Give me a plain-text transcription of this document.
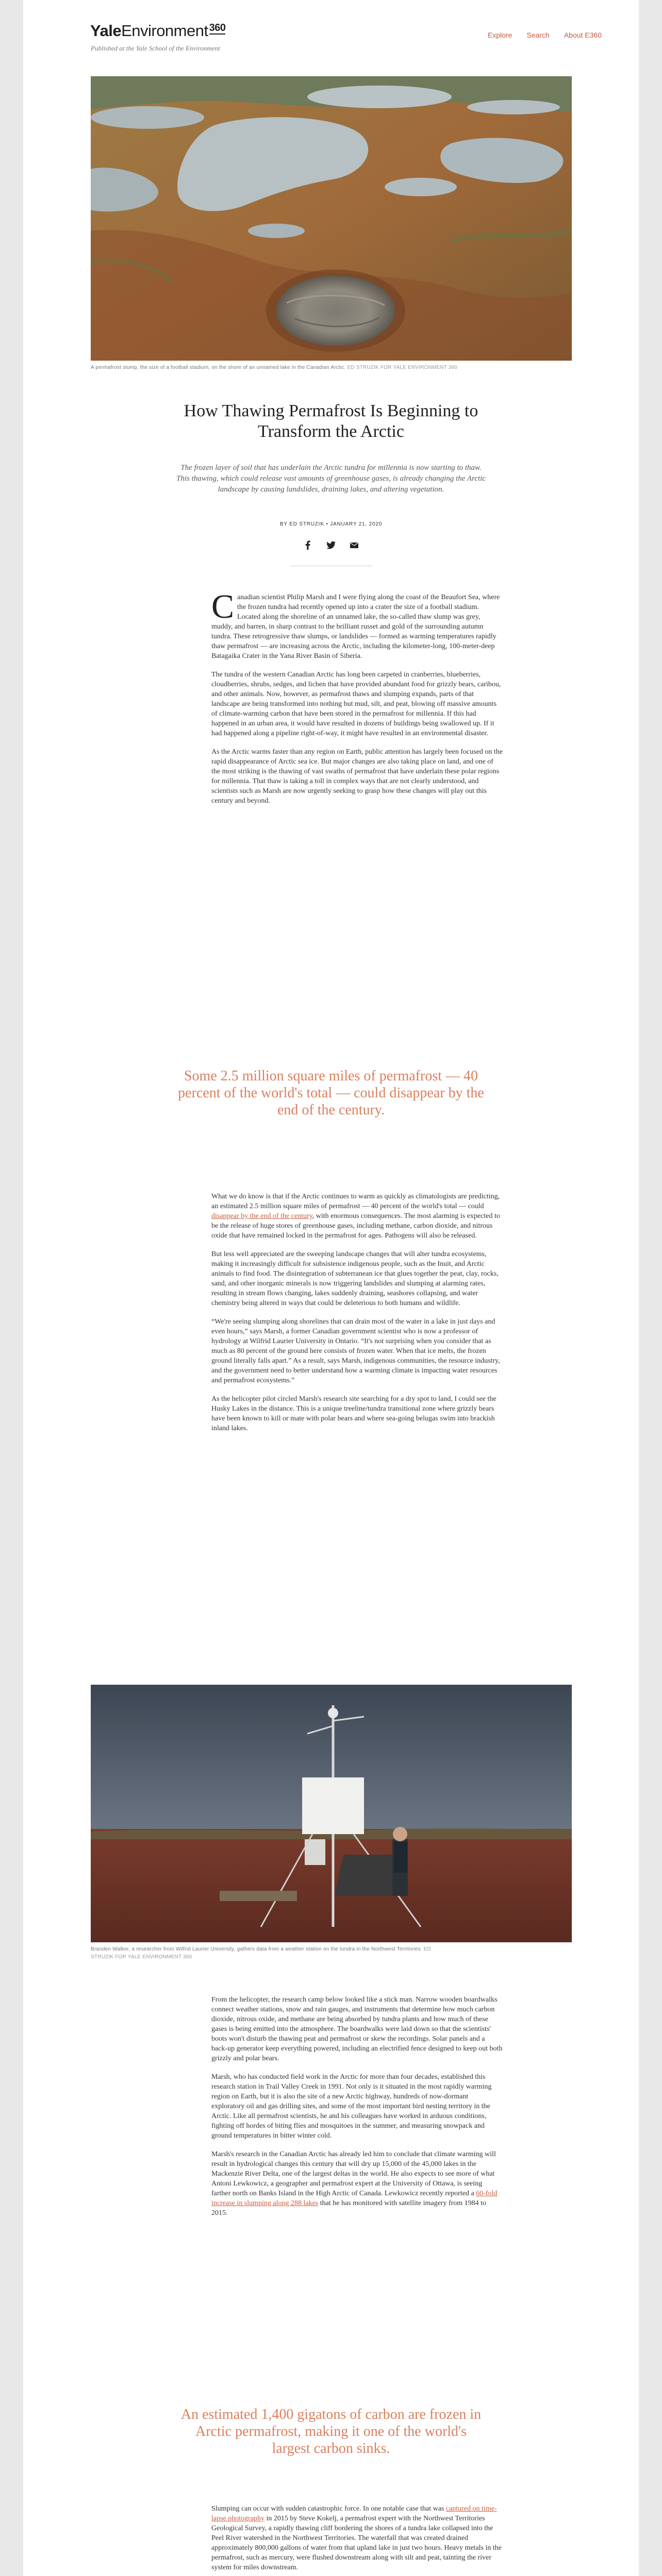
YaleEnvironment $^{360}$
Published at the Yale School of the Environment
Explore Search About E360
A permafrost slump, the size of a football stadium, on the shore of an unnamed lake in the Canadian Arctic. ED STRUZIK FOR YALE ENVIRONMENT 360
How Thawing Permafrost Is Beginning to Transform the Arctic
The frozen layer of soil that has underlain the Arctic tundra for millennia is now starting to thaw. This thawing, which could release vast amounts of greenhouse gases, is already changing the Arctic landscape by causing landslides, draining lakes, and altering vegetation.
BY ED STRUZIK • JANUARY 21, 2020

Canadian scientist Philip Marsh and I were flying along the coast of the Beaufort Sea, where the frozen tundra had recently opened up into a crater the size of a football stadium. Located along the shoreline of an unnamed lake, the so-called thaw slump was grey, muddy, and barren, in sharp contrast to the brilliant russet and gold of the surrounding autumn tundra. These retrogressive thaw slumps, or landslides — formed as warming temperatures rapidly thaw permafrost — are increasing across the Arctic, including the kilometer-long, 100-meter-deep Batagaika Crater in the Yana River Basin of Siberia.

The tundra of the western Canadian Arctic has long been carpeted in cranberries, blueberries, cloudberries, shrubs, sedges, and lichen that have provided abundant food for grizzly bears, caribou, and other animals. Now, however, as permafrost thaws and slumping expands, parts of that landscape are being transformed into nothing but mud, silt, and peat, blowing off massive amounts of climate-warming carbon that have been stored in the permafrost for millennia. If this had happened in an urban area, it would have resulted in dozens of buildings being swallowed up. If it had happened along a pipeline right-of-way, it might have resulted in an environmental disaster.

As the Arctic warms faster than any region on Earth, public attention has largely been focused on the rapid disappearance of Arctic sea ice. But major changes are also taking place on land, and one of the most striking is the thawing of vast swaths of permafrost that have underlain these polar regions for millennia. That thaw is taking a toll in complex ways that are not clearly understood, and scientists such as Marsh are now urgently seeking to grasp how these changes will play out this century and beyond.

Some 2.5 million square miles of permafrost — 40 percent of the world's total — could disappear by the end of the century.

What we do know is that if the Arctic continues to warm as quickly as climatologists are predicting, an estimated 2.5 million square miles of permafrost — 40 percent of the world's total — could disappear by the end of the century, with enormous consequences. The most alarming is expected to be the release of huge stores of greenhouse gases, including methane, carbon dioxide, and nitrous oxide that have remained locked in the permafrost for ages. Pathogens will also be released.

But less well appreciated are the sweeping landscape changes that will alter tundra ecosystems, making it increasingly difficult for subsistence indigenous people, such as the Inuit, and Arctic animals to find food. The disintegration of subterranean ice that glues together the peat, clay, rocks, sand, and other inorganic minerals is now triggering landslides and slumping at alarming rates, resulting in stream flows changing, lakes suddenly draining, seashores collapsing, and water chemistry being altered in ways that could be deleterious to both humans and wildlife.

“We're seeing slumping along shorelines that can drain most of the water in a lake in just days and even hours,” says Marsh, a former Canadian government scientist who is now a professor of hydrology at Wilfrid Laurier University in Ontario. “It's not surprising when you consider that as much as 80 percent of the ground here consists of frozen water. When that ice melts, the frozen ground literally falls apart.” As a result, says Marsh, indigenous communities, the resource industry, and the government need to better understand how a warming climate is impacting water resources and permafrost ecosystems.”

As the helicopter pilot circled Marsh's research site searching for a dry spot to land, I could see the Husky Lakes in the distance. This is a unique treeline/tundra transitional zone where grizzly bears have been known to kill or mate with polar bears and where sea-going belugas swim into brackish inland lakes.

Branden Walker, a researcher from Wilfrid Laurier University, gathers data from a weather station on the tundra in the Northwest Territories. ED STRUZIK FOR YALE ENVIRONMENT 360

From the helicopter, the research camp below looked like a stick man. Narrow wooden boardwalks connect weather stations, snow and rain gauges, and instruments that determine how much carbon dioxide, nitrous oxide, and methane are being absorbed by tundra plants and how much of these gases is being emitted into the atmosphere. The boardwalks were laid down so that the scientists' boots won't disturb the thawing peat and permafrost or skew the recordings. Solar panels and a back-up generator keep everything powered, including an electrified fence designed to keep out both grizzly and polar bears.

Marsh, who has conducted field work in the Arctic for more than four decades, established this research station in Trail Valley Creek in 1991. Not only is it situated in the most rapidly warming region on Earth, but it is also the site of a new Arctic highway, hundreds of now-dormant exploratory oil and gas drilling sites, and some of the most important bird nesting territory in the Arctic. Like all permafrost scientists, he and his colleagues have worked in arduous conditions, fighting off hordes of biting flies and mosquitoes in the summer, and measuring snowpack and ground temperatures in bitter winter cold.

Marsh's research in the Canadian Arctic has already led him to conclude that climate warming will result in hydrological changes this century that will dry up 15,000 of the 45,000 lakes in the Mackenzie River Delta, one of the largest deltas in the world. He also expects to see more of what Antoni Lewkowicz, a geographer and permafrost expert at the University of Ottawa, is seeing farther north on Banks Island in the High Arctic of Canada. Lewkowicz recently reported a 60-fold increase in slumping along 288 lakes that he has monitored with satellite imagery from 1984 to 2015.

An estimated 1,400 gigatons of carbon are frozen in Arctic permafrost, making it one of the world's largest carbon sinks.

Slumping can occur with sudden catastrophic force. In one notable case that was captured on time-lapse photography in 2015 by Steve Kokelj, a permafrost expert with the Northwest Territories Geological Survey, a rapidly thawing cliff bordering the shores of a tundra lake collapsed into the Peel River watershed in the Northwest Territories. The waterfall that was created drained approximately 800,000 gallons of water from that upland lake in just two hours. Heavy metals in the permafrost, such as mercury, were flushed downstream along with silt and peat, tainting the river system for miles downstream.
